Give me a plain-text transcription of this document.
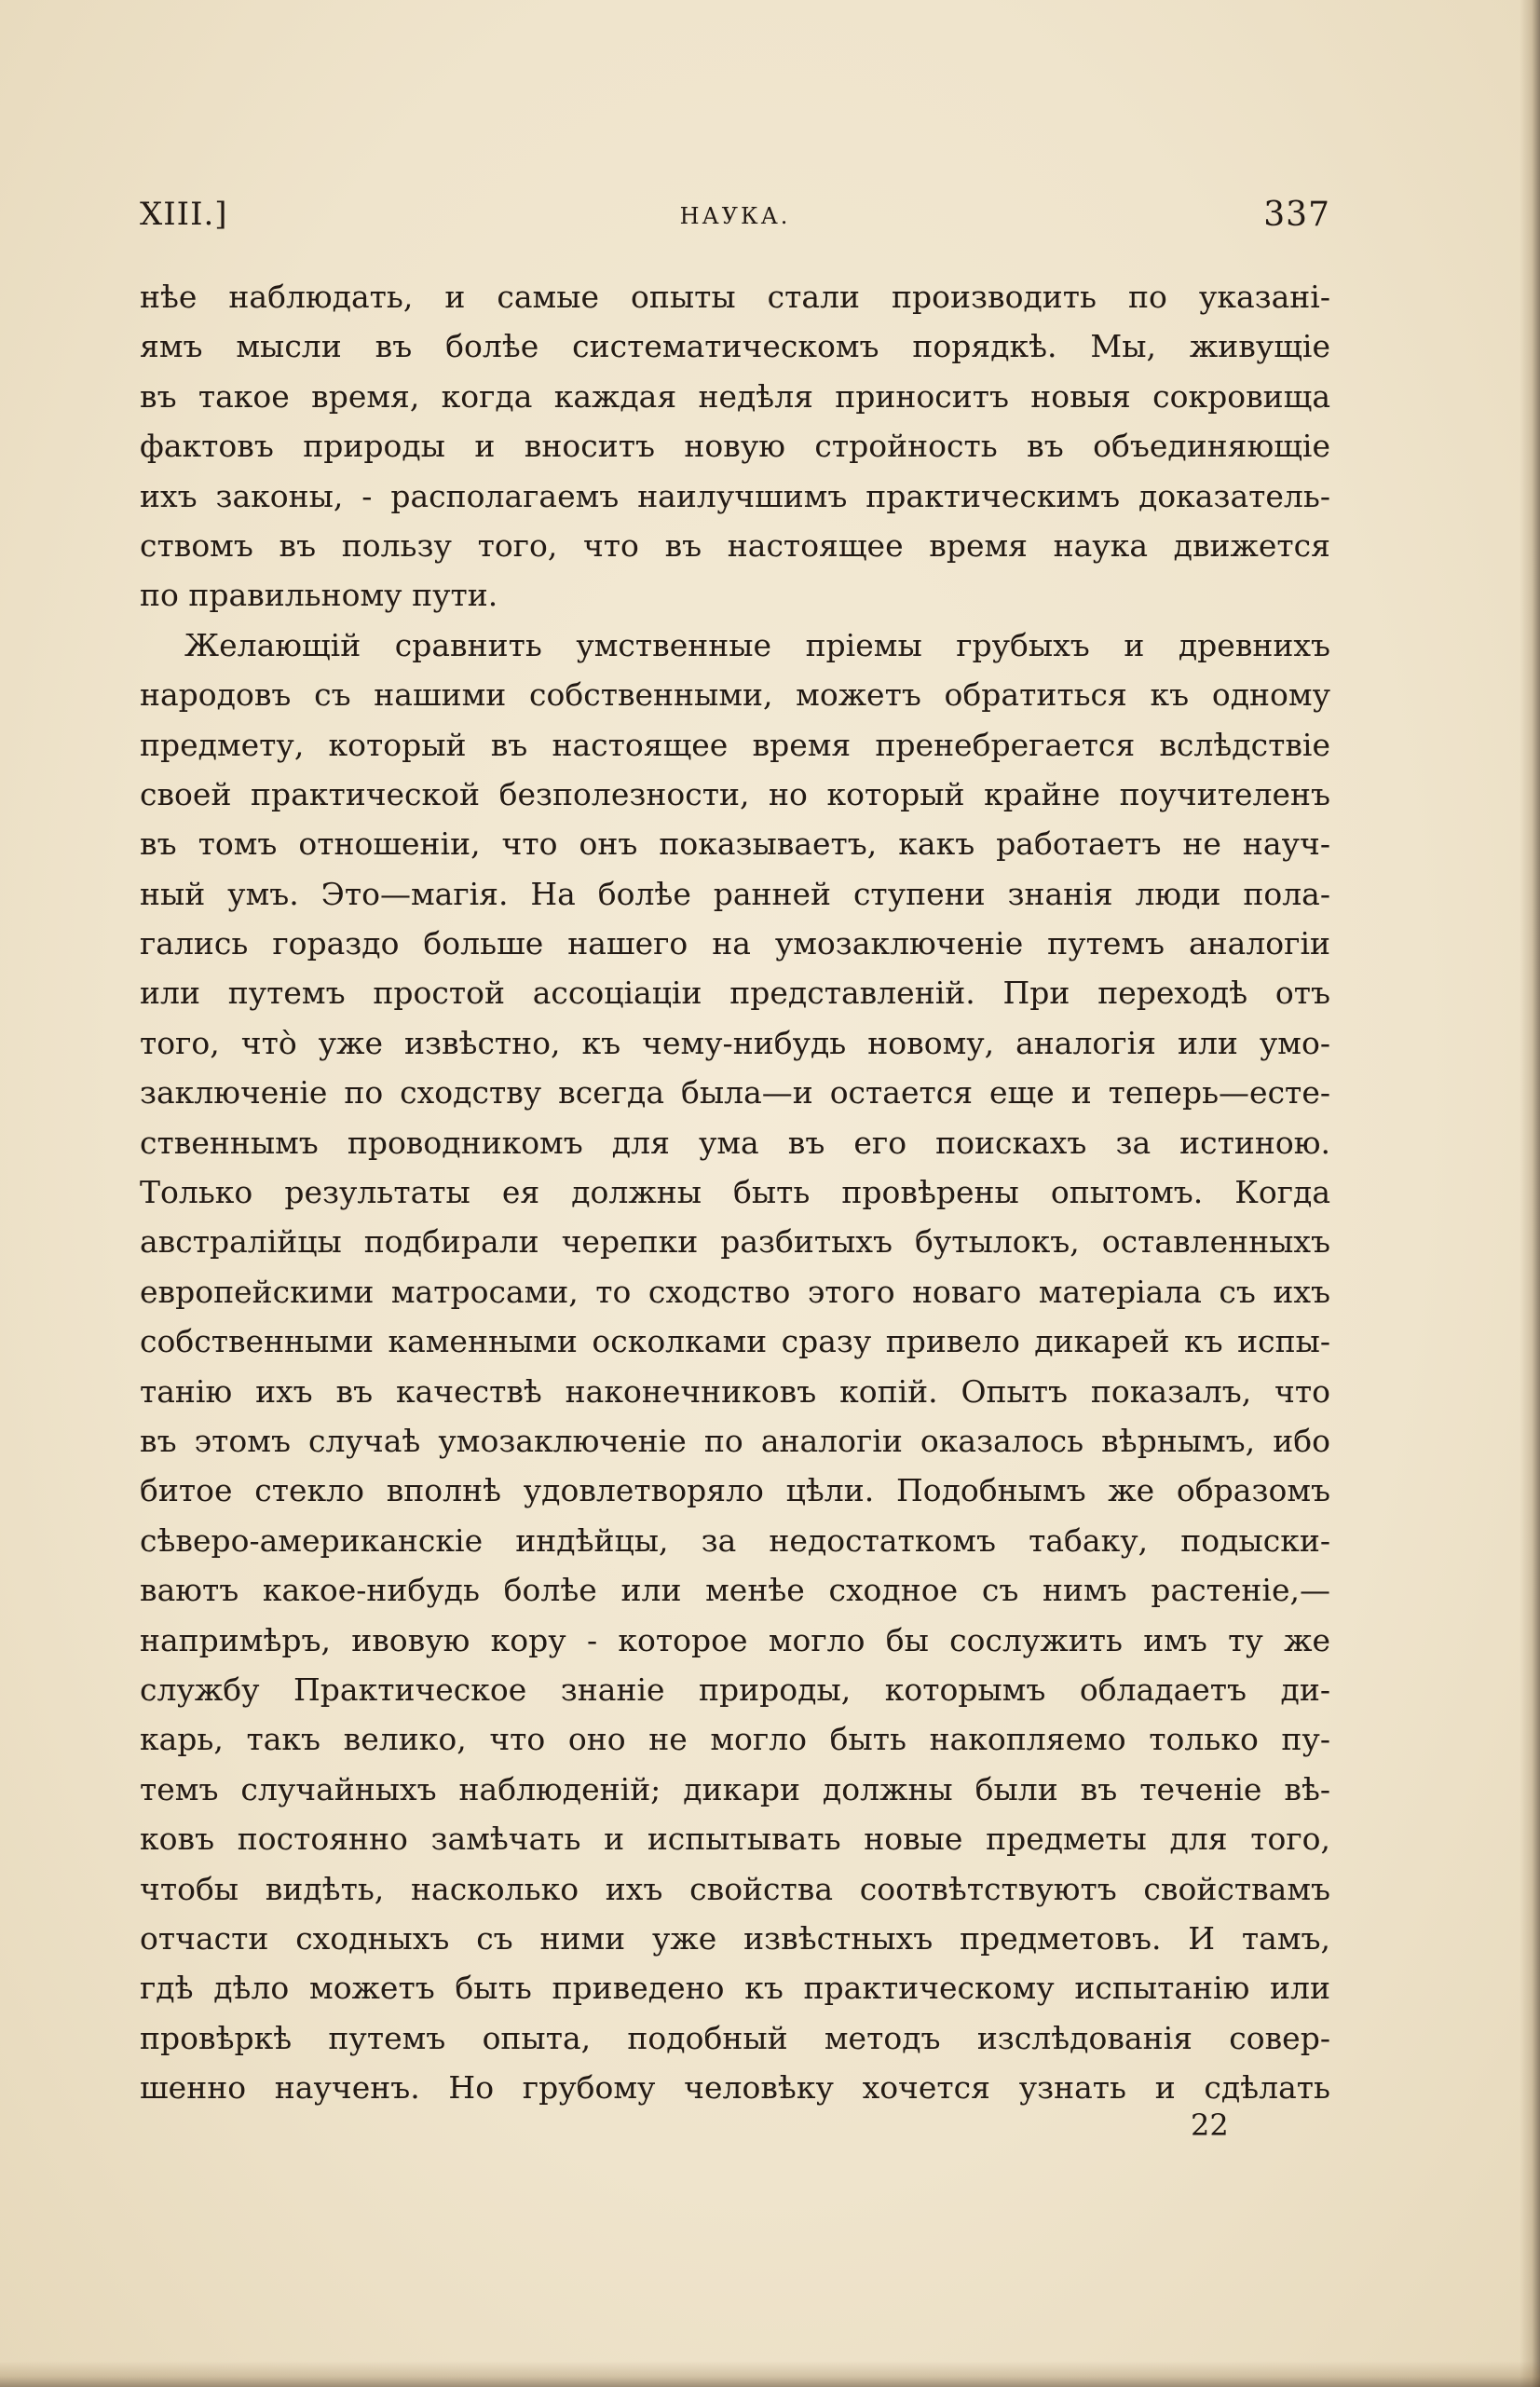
XIII.]	НАУКА.	337
нѣе наблюдать, и самые опыты стали производить по указані-
ямъ мысли въ болѣе систематическомъ порядкѣ. Мы, живущіе
въ такое время, когда каждая недѣля приноситъ новыя сокровища
фактовъ природы и вноситъ новую стройность въ объединяющіе
ихъ законы, - располагаемъ наилучшимъ практическимъ доказатель-
ствомъ въ пользу того, что въ настоящее время наука движется
по правильному пути.
Желающій сравнить умственные пріемы грубыхъ и древнихъ
народовъ съ нашими собственными, можетъ обратиться къ одному
предмету, который въ настоящее время пренебрегается вслѣдствіе
своей практической безполезности, но который крайне поучителенъ
въ томъ отношеніи, что онъ показываетъ, какъ работаетъ не науч-
ный умъ. Это—магія. На болѣе ранней ступени знанія люди пола-
гались гораздо больше нашего на умозаключеніе путемъ аналогіи
или путемъ простой ассоціаціи представленій. При переходѣ отъ
того, что̀ уже извѣстно, къ чему-нибудь новому, аналогія или умо-
заключеніе по сходству всегда была—и остается еще и теперь—есте-
ственнымъ проводникомъ для ума въ его поискахъ за истиною.
Только результаты ея должны быть провѣрены опытомъ. Когда
австралійцы подбирали черепки разбитыхъ бутылокъ, оставленныхъ
европейскими матросами, то сходство этого новаго матеріала съ ихъ
собственными каменными осколками сразу привело дикарей къ испы-
танію ихъ въ качествѣ наконечниковъ копій. Опытъ показалъ, что
въ этомъ случаѣ умозаключеніе по аналогіи оказалось вѣрнымъ, ибо
битое стекло вполнѣ удовлетворяло цѣли. Подобнымъ же образомъ
сѣверо-американскіе индѣйцы, за недостаткомъ табаку, подыски-
ваютъ какое-нибудь болѣе или менѣе сходное съ нимъ растеніе,—
напримѣръ, ивовую кору - которое могло бы сослужить имъ ту же
службу Практическое знаніе природы, которымъ обладаетъ ди-
карь, такъ велико, что оно не могло быть накопляемо только пу-
темъ случайныхъ наблюденій; дикари должны были въ теченіе вѣ-
ковъ постоянно замѣчать и испытывать новые предметы для того,
чтобы видѣть, насколько ихъ свойства соотвѣтствуютъ свойствамъ
отчасти сходныхъ съ ними уже извѣстныхъ предметовъ. И тамъ,
гдѣ дѣло можетъ быть приведено къ практическому испытанію или
провѣркѣ путемъ опыта, подобный методъ изслѣдованія совер-
шенно наученъ. Но грубому человѣку хочется узнать и сдѣлать
22
